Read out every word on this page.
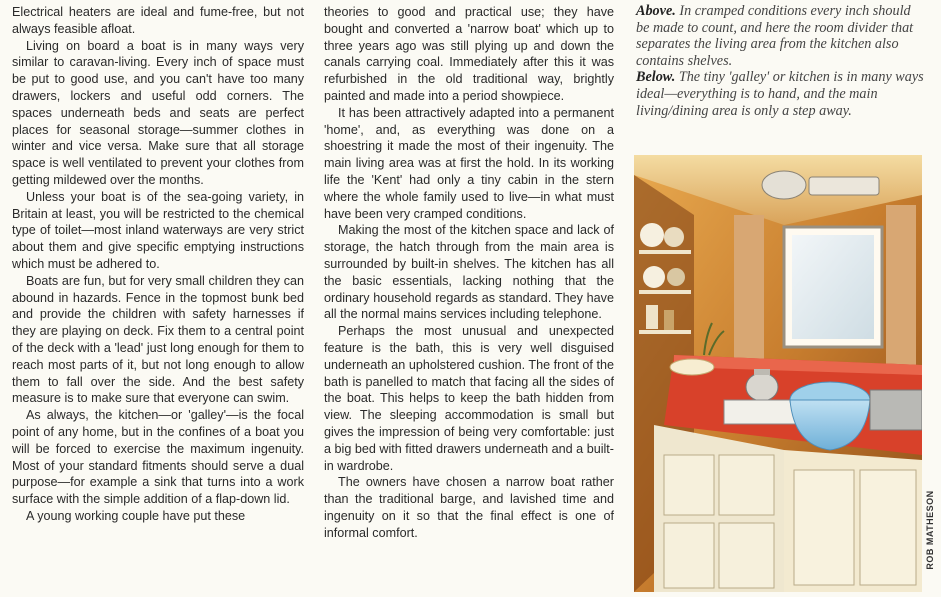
Electrical heaters are ideal and fume-free, but not always feasible afloat.

Living on board a boat is in many ways very similar to caravan-living. Every inch of space must be put to good use, and you can't have too many drawers, lockers and useful odd corners. The spaces underneath beds and seats are perfect places for seasonal storage—summer clothes in winter and vice versa. Make sure that all storage space is well ventilated to prevent your clothes from getting mildewed over the months.

Unless your boat is of the sea-going variety, in Britain at least, you will be restricted to the chemical type of toilet—most inland waterways are very strict about them and give specific emptying instructions which must be adhered to.

Boats are fun, but for very small children they can abound in hazards. Fence in the topmost bunk bed and provide the children with safety harnesses if they are playing on deck. Fix them to a central point of the deck with a 'lead' just long enough for them to reach most parts of it, but not long enough to allow them to fall over the side. And the best safety measure is to make sure that everyone can swim.

As always, the kitchen—or 'galley'—is the focal point of any home, but in the confines of a boat you will be forced to exercise the maximum ingenuity. Most of your standard fitments should serve a dual purpose—for example a sink that turns into a work surface with the simple addition of a flap-down lid.

A young working couple have put these

theories to good and practical use; they have bought and converted a 'narrow boat' which up to three years ago was still plying up and down the canals carrying coal. Immediately after this it was refurbished in the old traditional way, brightly painted and made into a period showpiece.

It has been attractively adapted into a permanent 'home', and, as everything was done on a shoestring it made the most of their ingenuity. The main living area was at first the hold. In its working life the 'Kent' had only a tiny cabin in the stern where the whole family used to live—in what must have been very cramped conditions.

Making the most of the kitchen space and lack of storage, the hatch through from the main area is surrounded by built-in shelves. The kitchen has all the basic essentials, lacking nothing that the ordinary household regards as standard. They have all the normal mains services including telephone.

Perhaps the most unusual and unexpected feature is the bath, this is very well disguised underneath an upholstered cushion. The front of the bath is panelled to match that facing all the sides of the boat. This helps to keep the bath hidden from view. The sleeping accommodation is small but gives the impression of being very comfortable: just a big bed with fitted drawers underneath and a built-in wardrobe.

The owners have chosen a narrow boat rather than the traditional barge, and lavished time and ingenuity on it so that the final effect is one of informal comfort.

Above. In cramped conditions every inch should be made to count, and here the room divider that separates the living area from the kitchen also contains shelves.

Below. The tiny 'galley' or kitchen is in many ways ideal—everything is to hand, and the main living/dining area is only a step away.

ROB MATHESON
